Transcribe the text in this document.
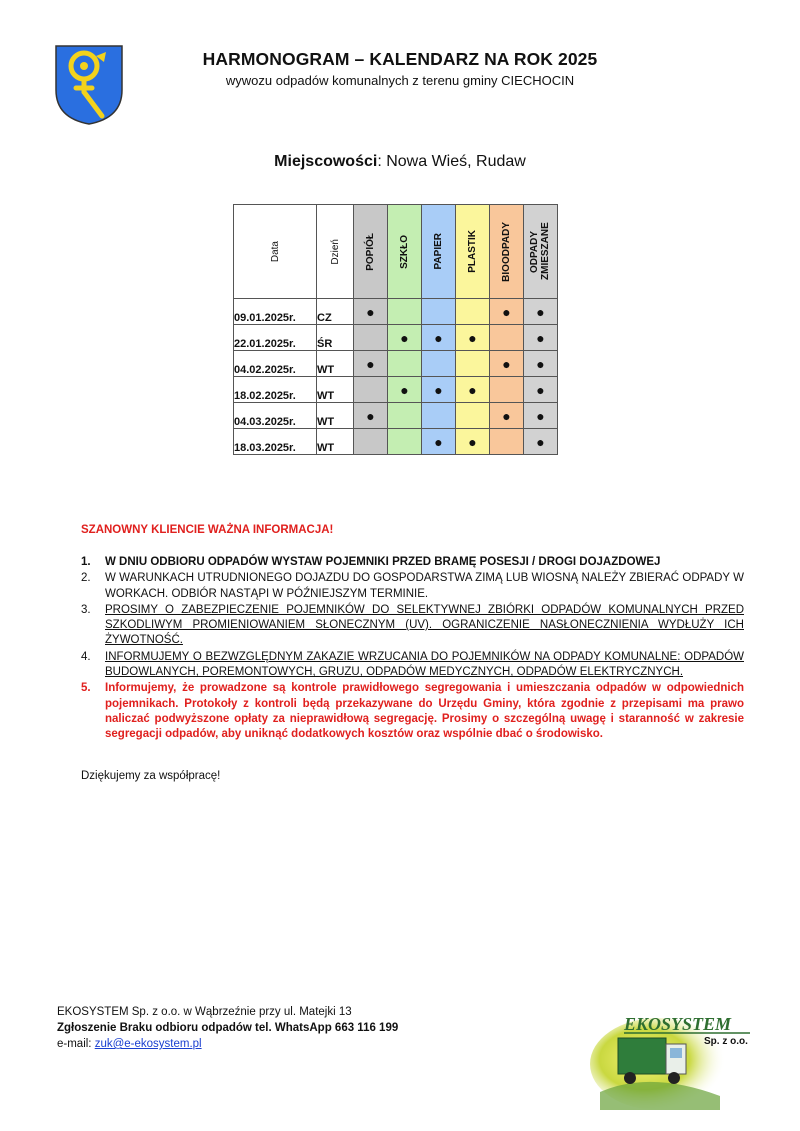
HARMONOGRAM – KALENDARZ NA ROK 2025
wywozu odpadów komunalnych z terenu gminy CIECHOCIN
Miejscowości: Nowa Wieś, Rudaw
Data	Dzień	POPIÓŁ	SZKŁO	PAPIER	PLASTIK	BIOODPADY	ODPADY ZMIESZANE

09.01.2025r.	CZ	●				●	●
22.01.2025r.	ŚR		●	●	●		●
04.02.2025r.	WT	●				●	●
18.02.2025r.	WT		●	●	●		●
04.03.2025r.	WT	●				●	●
18.03.2025r.	WT			●	●		●
SZANOWNY KLIENCIE WAŻNA INFORMACJA!
1.	W DNIU ODBIORU ODPADÓW WYSTAW POJEMNIKI PRZED BRAMĘ POSESJI / DROGI DOJAZDOWEJ
2.	W WARUNKACH UTRUDNIONEGO DOJAZDU DO GOSPODARSTWA ZIMĄ LUB WIOSNĄ NALEŻY ZBIERAĆ ODPADY W WORKACH. ODBIÓR NASTĄPI W PÓŹNIEJSZYM TERMINIE.
3.	PROSIMY O ZABEZPIECZENIE POJEMNIKÓW DO SELEKTYWNEJ ZBIÓRKI ODPADÓW KOMUNALNYCH PRZED SZKODLIWYM PROMIENIOWANIEM SŁONECZNYM (UV). OGRANICZENIE NASŁONECZNIENIA WYDŁUŻY ICH ŻYWOTNOŚĆ.
4.	INFORMUJEMY O BEZWZGLĘDNYM ZAKAZIE WRZUCANIA DO POJEMNIKÓW NA ODPADY KOMUNALNE: ODPADÓW BUDOWLANYCH, POREMONTOWYCH, GRUZU, ODPADÓW MEDYCZNYCH, ODPADÓW ELEKTRYCZNYCH.
5.	Informujemy, że prowadzone są kontrole prawidłowego segregowania i umieszczania odpadów w odpowiednich pojemnikach. Protokoły z kontroli będą przekazywane do Urzędu Gminy, która zgodnie z przepisami ma prawo naliczać podwyższone opłaty za nieprawidłową segregację. Prosimy o szczególną uwagę i staranność w zakresie segregacji odpadów, aby uniknąć dodatkowych kosztów oraz wspólnie dbać o środowisko.
Dziękujemy za współpracę!
EKOSYSTEM Sp. z o.o. w Wąbrzeźnie przy ul. Matejki 13
Zgłoszenie Braku odbioru odpadów tel. WhatsApp 663 116 199
e-mail: zuk@e-ekosystem.pl
EKOSYSTEM
Sp. z o.o.
